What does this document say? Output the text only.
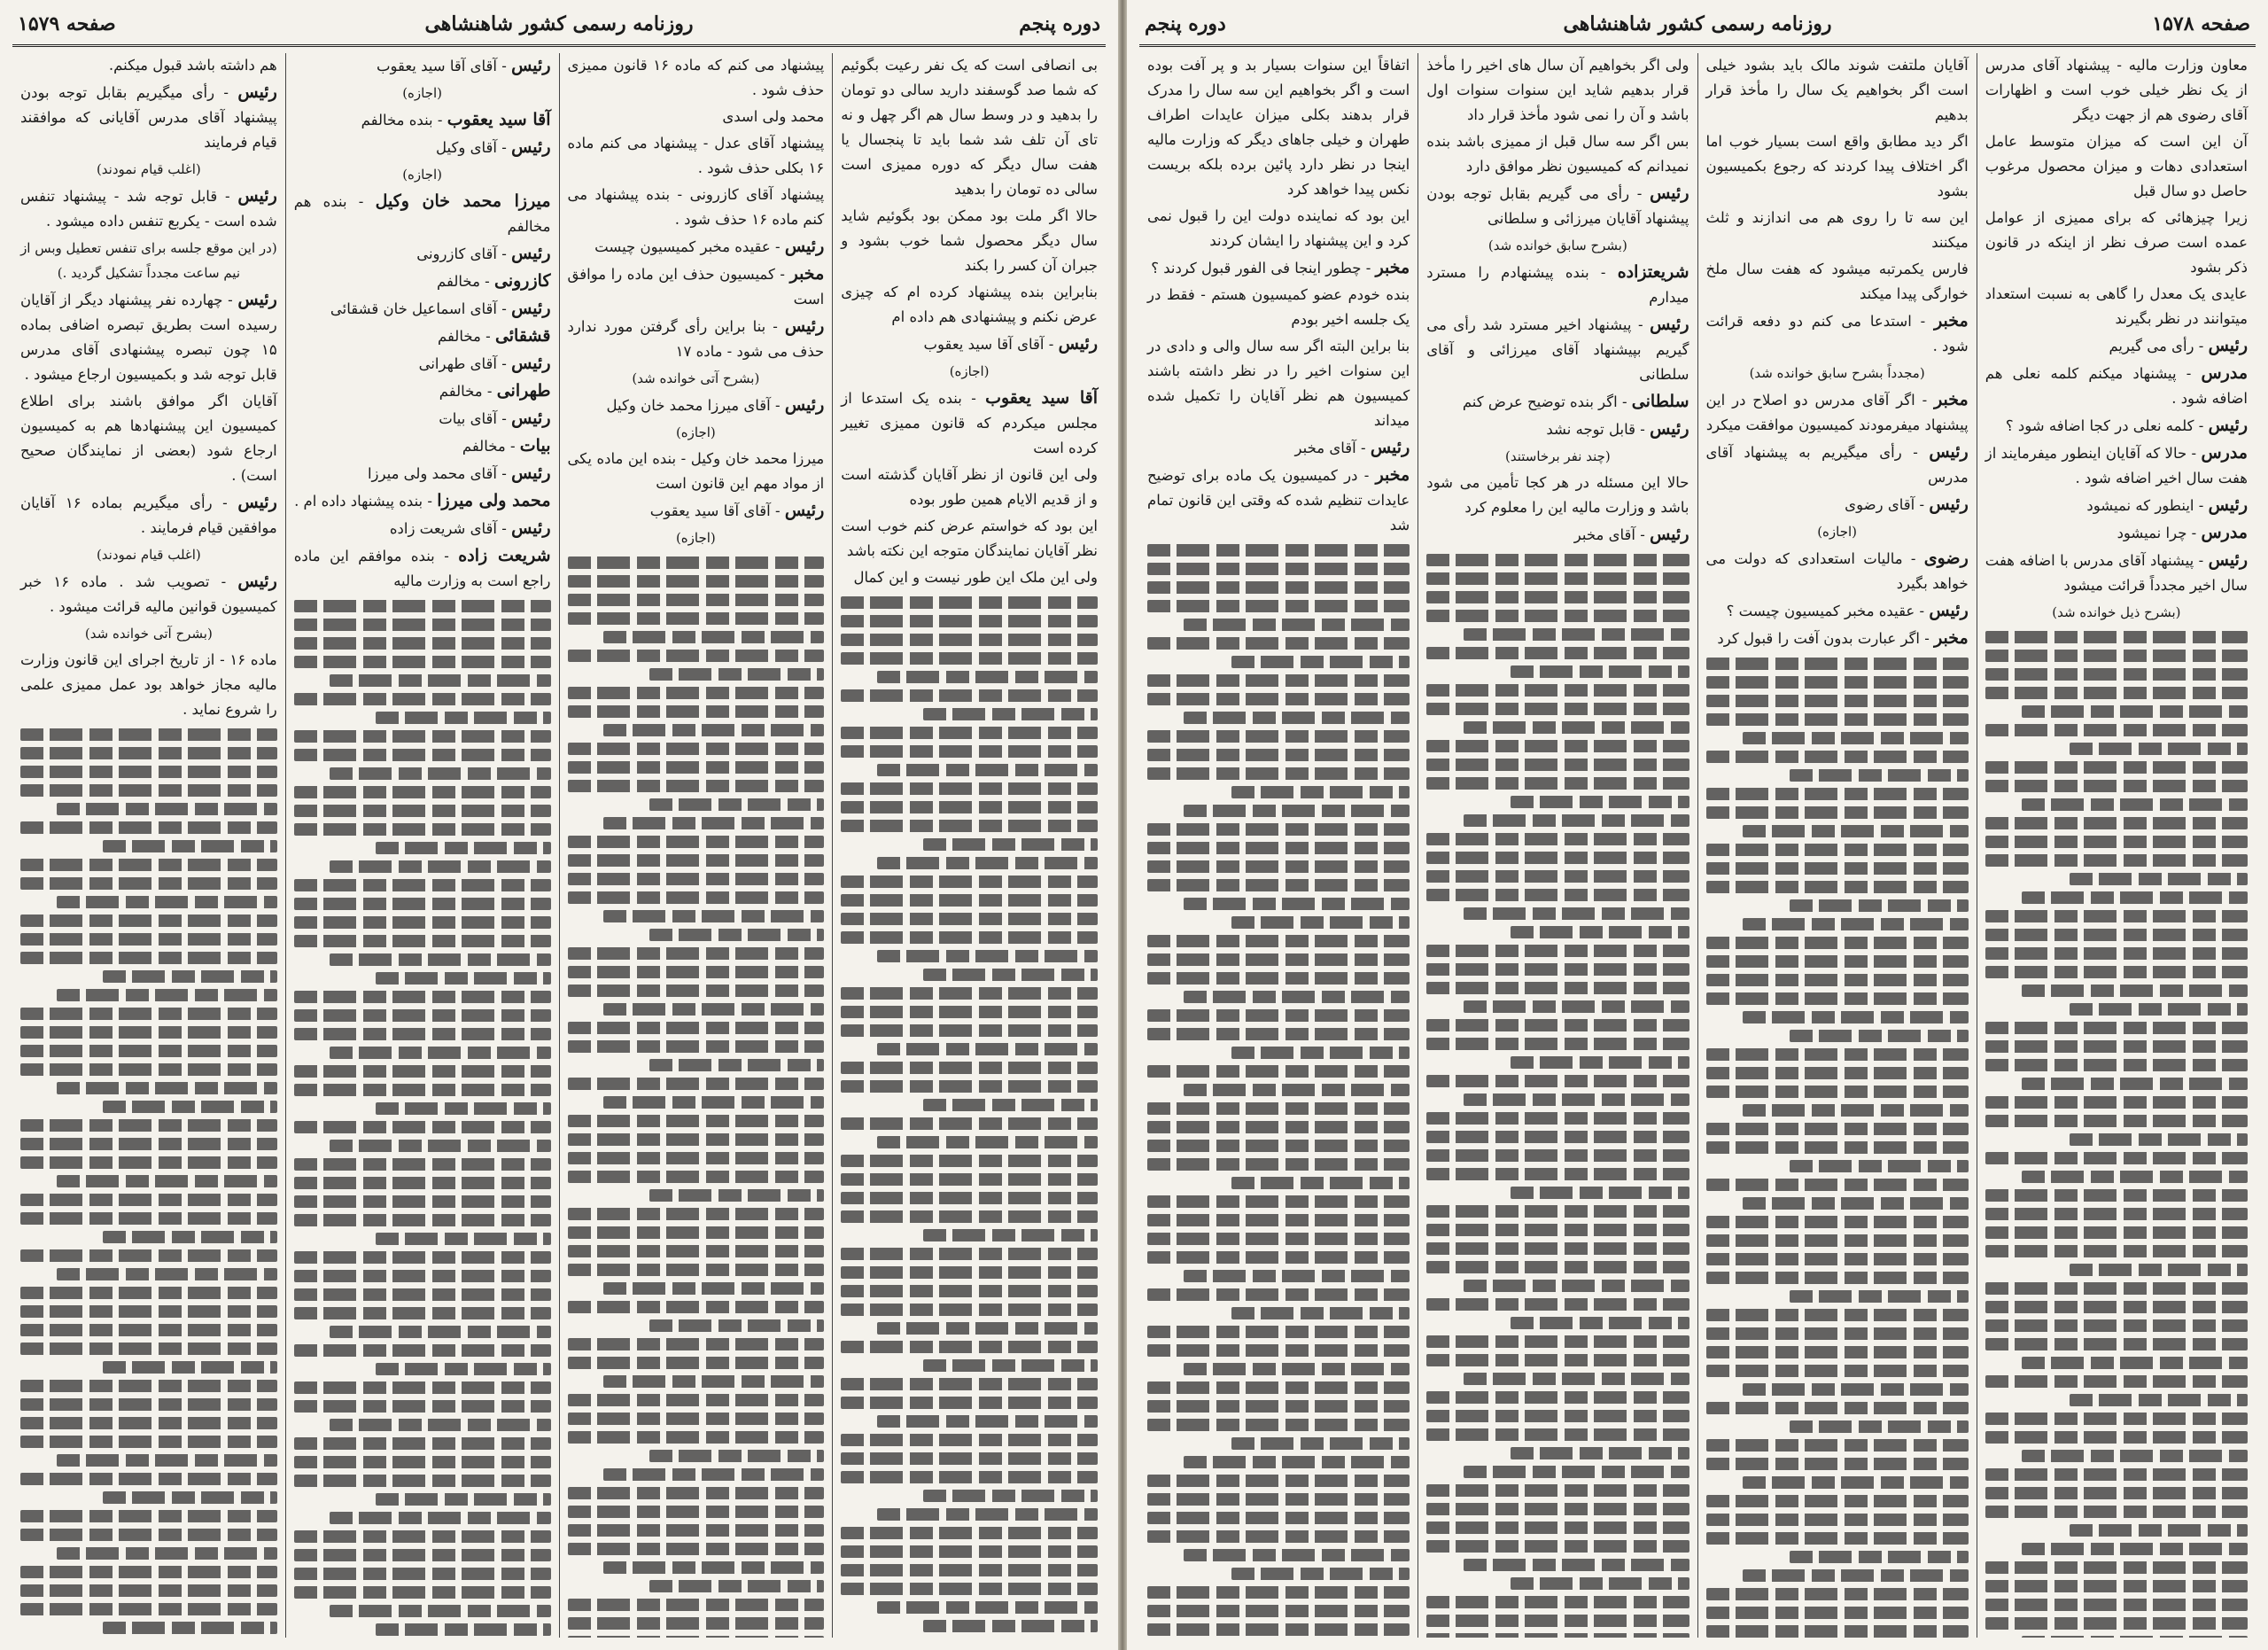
دوره پنجم
روزنامه رسمی کشور شاهنشاهی
صفحه ۱۵۷۹

بی انصافی است که یک نفر رعیت بگوئیم که شما صد گوسفند دارید سالی دو تومان را بدهید و در وسط سال هم اگر چهل و نه تای آن تلف شد شما باید تا پنجسال یا هفت سال دیگر که دوره ممیزی است سالی ده تومان را بدهید

حالا اگر ملت بود ممکن بود بگوئیم شاید سال دیگر محصول شما خوب بشود و جبران آن کسر را بکند

بنابراین بنده پیشنهاد کرده ام که چیزی عرض نکنم و پیشنهادی هم داده ام

رئیس - آقای آقا سید یعقوب

(اجازه)

آقا سید یعقوب - بنده یک استدعا از مجلس میکردم که قانون ممیزی تغییر کرده است

ولی این قانون از نظر آقایان گذشته است و از قدیم الایام همین طور بوده

این بود که خواستم عرض کنم خوب است نظر آقایان نمایندگان متوجه این نکته باشد

ولی این ملک این طور نیست و این کمال

پیشنهاد می کنم که ماده ۱۶ قانون ممیزی حذف شود .

محمد ولی اسدی

پیشنهاد آقای عدل - پیشنهاد می کنم ماده ۱۶ بکلی حذف شود .

پیشنهاد آقای کازرونی - بنده پیشنهاد می کنم ماده ۱۶ حذف شود .

رئیس - عقیده مخبر کمیسیون چیست

مخبر - کمیسیون حذف این ماده را موافق است

رئیس - بنا براین رأی گرفتن مورد ندارد حذف می شود - ماده ۱۷

(بشرح آتی خوانده شد)

رئیس - آقای میرزا محمد خان وکیل

(اجازه)

میرزا محمد خان وکیل - بنده این ماده یکی از مواد مهم این قانون است

رئیس - آقای آقا سید یعقوب

(اجازه)

رئیس - آقای آقا سید یعقوب

(اجازه)

آقا سید یعقوب - بنده مخالفم

رئیس - آقای وکیل

(اجازه)

میرزا محمد خان وکیل - بنده هم مخالفم

رئیس - آقای کازرونی

کازرونی - مخالفم

رئیس - آقای اسماعیل خان قشقائی

قشقائی - مخالفم

رئیس - آقای طهرانی

طهرانی - مخالفم

رئیس - آقای بیات

بیات - مخالفم

رئیس - آقای محمد ولی میرزا

محمد ولی میرزا - بنده پیشنهاد داده ام .

رئیس - آقای شریعت زاده

شریعت زاده - بنده موافقم این ماده راجع است به وزارت مالیه

هم داشته باشد قبول میکنم.

رئیس - رأی میگیریم بقابل توجه بودن پیشنهاد آقای مدرس آقایانی که موافقند قیام فرمایند

(اغلب قیام نمودند)

رئیس - قابل توجه شد - پیشنهاد تنفس شده است - یکربع تنفس داده میشود .

(در این موقع جلسه برای تنفس تعطیل وبس از نیم ساعت مجدداً تشکیل گردید .)

رئیس - چهارده نفر پیشنهاد دیگر از آقایان رسیده است بطریق تبصره اضافی بماده ۱۵ چون تبصره پیشنهادی آقای مدرس قابل توجه شد و بکمیسیون ارجاع میشود .

آقایان اگر موافق باشند برای اطلاع کمیسیون این پیشنهادها هم به کمیسیون ارجاع شود (بعضی از نمایندگان صحیح است) .

رئیس - رأی میگیریم بماده ۱۶ آقایان موافقین قیام فرمایند .

(اغلب قیام نمودند)

رئیس - تصویب شد . ماده ۱۶ خبر کمیسیون قوانین مالیه قرائت میشود .

(بشرح آتی خوانده شد)

ماده ۱۶ - از تاریخ اجرای این قانون وزارت مالیه مجاز خواهد بود عمل ممیزی علمی را شروع نماید .

صفحه ۱۵۷۸
روزنامه رسمی کشور شاهنشاهی
دوره پنجم

معاون وزارت مالیه - پیشنهاد آقای مدرس از یک نظر خیلی خوب است و اظهارات آقای رضوی هم از جهت دیگر

آن این است که میزان متوسط عامل استعدادی دهات و میزان محصول مرغوب حاصل دو سال قبل

زیرا چیزهائی که برای ممیزی از عوامل عمده است صرف نظر از اینکه در قانون ذکر بشود

عایدی یک معدل را گاهی به نسبت استعداد میتوانند در نظر بگیرند

رئیس - رأی می گیریم

مدرس - پیشنهاد میکنم کلمه نعلی هم اضافه شود .

رئیس - کلمه نعلی در کجا اضافه شود ؟

مدرس - حالا که آقایان اینطور میفرمایند از هفت سال اخیر اضافه شود .

رئیس - اینطور که نمیشود

مدرس - چرا نمیشود

رئیس - پیشنهاد آقای مدرس با اضافه هفت سال اخیر مجدداً قرائت میشود

(بشرح ذیل خوانده شد)

آقایان ملتفت شوند مالک باید بشود خیلی است اگر بخواهیم یک سال را مأخذ قرار بدهیم

اگر دید مطابق واقع است بسیار خوب اما اگر اختلاف پیدا کردند که رجوع بکمیسیون بشود

این سه تا را روی هم می اندازند و ثلث میکنند

فارس یکمرتبه میشود که هفت سال ملخ خوارگی پیدا میکند

مخبر - استدعا می کنم دو دفعه قرائت شود .

(مجدداً بشرح سابق خوانده شد)

مخبر - اگر آقای مدرس دو اصلاح در این پیشنهاد میفرمودند کمیسیون موافقت میکرد

رئیس - رأی میگیریم به پیشنهاد آقای مدرس

رئیس - آقای رضوی

(اجازه)

رضوی - مالیات استعدادی که دولت می خواهد بگیرد

رئیس - عقیده مخبر کمیسیون چیست ؟

مخبر - اگر عبارت بدون آفت را قبول کرد

ولی اگر بخواهیم آن سال های اخیر را مأخذ قرار بدهیم شاید این سنوات سنوات اول باشد و آن را نمی شود مأخذ قرار داد

بس اگر سه سال قبل از ممیزی باشد بنده نمیدانم که کمیسیون نظر موافق دارد

رئیس - رأی می گیریم بقابل توجه بودن پیشنهاد آقایان میرزائی و سلطانی

(بشرح سابق خوانده شد)

شریعتزاده - بنده پیشنهادم را مسترد میدارم

رئیس - پیشنهاد اخیر مسترد شد رأی می گیریم بپیشنهاد آقای میرزائی و آقای سلطانی

سلطانی - اگر بنده توضیح عرض کنم

رئیس - قابل توجه نشد

(چند نفر برخاستند)

حالا این مسئله در هر کجا تأمین می شود باشد و وزارت مالیه این را معلوم کرد

رئیس - آقای مخبر

اتفاقاً این سنوات بسیار بد و پر آفت بوده است و اگر بخواهیم این سه سال را مدرک قرار بدهند بکلی میزان عایدات اطراف طهران و خیلی جاهای دیگر که وزارت مالیه اینجا در نظر دارد پائین برده بلکه بریست نکس پیدا خواهد کرد

این بود که نماینده دولت این را قبول نمی کرد و این پیشنهاد را ایشان کردند

مخبر - چطور اینجا فی الفور قبول کردند ؟

بنده خودم عضو کمیسیون هستم - فقط در یک جلسه اخیر بودم

بنا براین البته اگر سه سال والی و دادی در این سنوات اخیر را در نظر داشته باشند کمیسیون هم نظر آقایان را تکمیل شده میداند

رئیس - آقای مخبر

مخبر - در کمیسیون یک ماده برای توضیح عایدات تنظیم شده که وقتی این قانون تمام شد
